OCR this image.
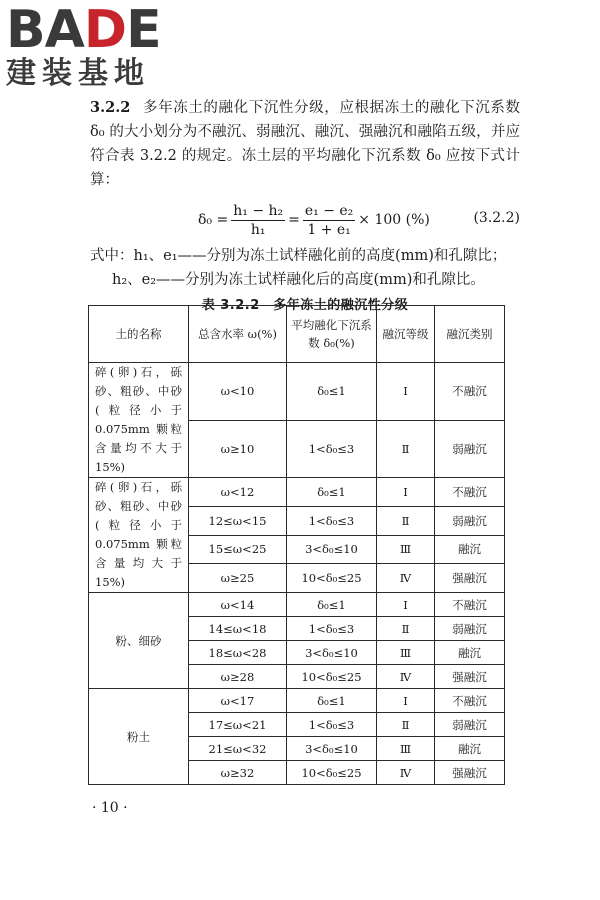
BA D E
建装基地
3.2.2 多年冻土的融化下沉性分级，应根据冻土的融化下沉系数 δ₀ 的大小划分为不融沉、弱融沉、融沉、强融沉和融陷五级，并应符合表 3.2.2 的规定。冻土层的平均融化下沉系数 δ₀ 应按下式计算：
$\delta_0 = \frac{\text{h₁ − h₂}}{\text{h₁}} = \frac{\text{e₁ − e₂}}{\text{1 + e₁}} \times 100$ (%)	(3.2.2)
式中：h₁、e₁——分别为冻土试样融化前的高度(mm)和孔隙比；
h₂、e₂——分别为冻土试样融化后的高度(mm)和孔隙比。
表 3.2.2　多年冻土的融沉性分级
土的名称	总含水率 ω(%)	平均融化下沉系数 δ₀(%)	融沉等级	融沉类别
碎(卵)石，砾砂、粗砂、中砂(粒径小于 0.075mm 颗粒含量均不大于 15%)	ω<10	δ₀≤1	Ⅰ	不融沉
	ω≥10	1<δ₀≤3	Ⅱ	弱融沉
碎(卵)石，砾砂、粗砂、中砂(粒径小于 0.075mm 颗粒含量均大于 15%)	ω<12	δ₀≤1	Ⅰ	不融沉
	12≤ω<15	1<δ₀≤3	Ⅱ	弱融沉
	15≤ω<25	3<δ₀≤10	Ⅲ	融沉
	ω≥25	10<δ₀≤25	Ⅳ	强融沉
粉、细砂	ω<14	δ₀≤1	Ⅰ	不融沉
	14≤ω<18	1<δ₀≤3	Ⅱ	弱融沉
	18≤ω<28	3<δ₀≤10	Ⅲ	融沉
	ω≥28	10<δ₀≤25	Ⅳ	强融沉
粉土	ω<17	δ₀≤1	Ⅰ	不融沉
	17≤ω<21	1<δ₀≤3	Ⅱ	弱融沉
	21≤ω<32	3<δ₀≤10	Ⅲ	融沉
	ω≥32	10<δ₀≤25	Ⅳ	强融沉
· 10 ·
